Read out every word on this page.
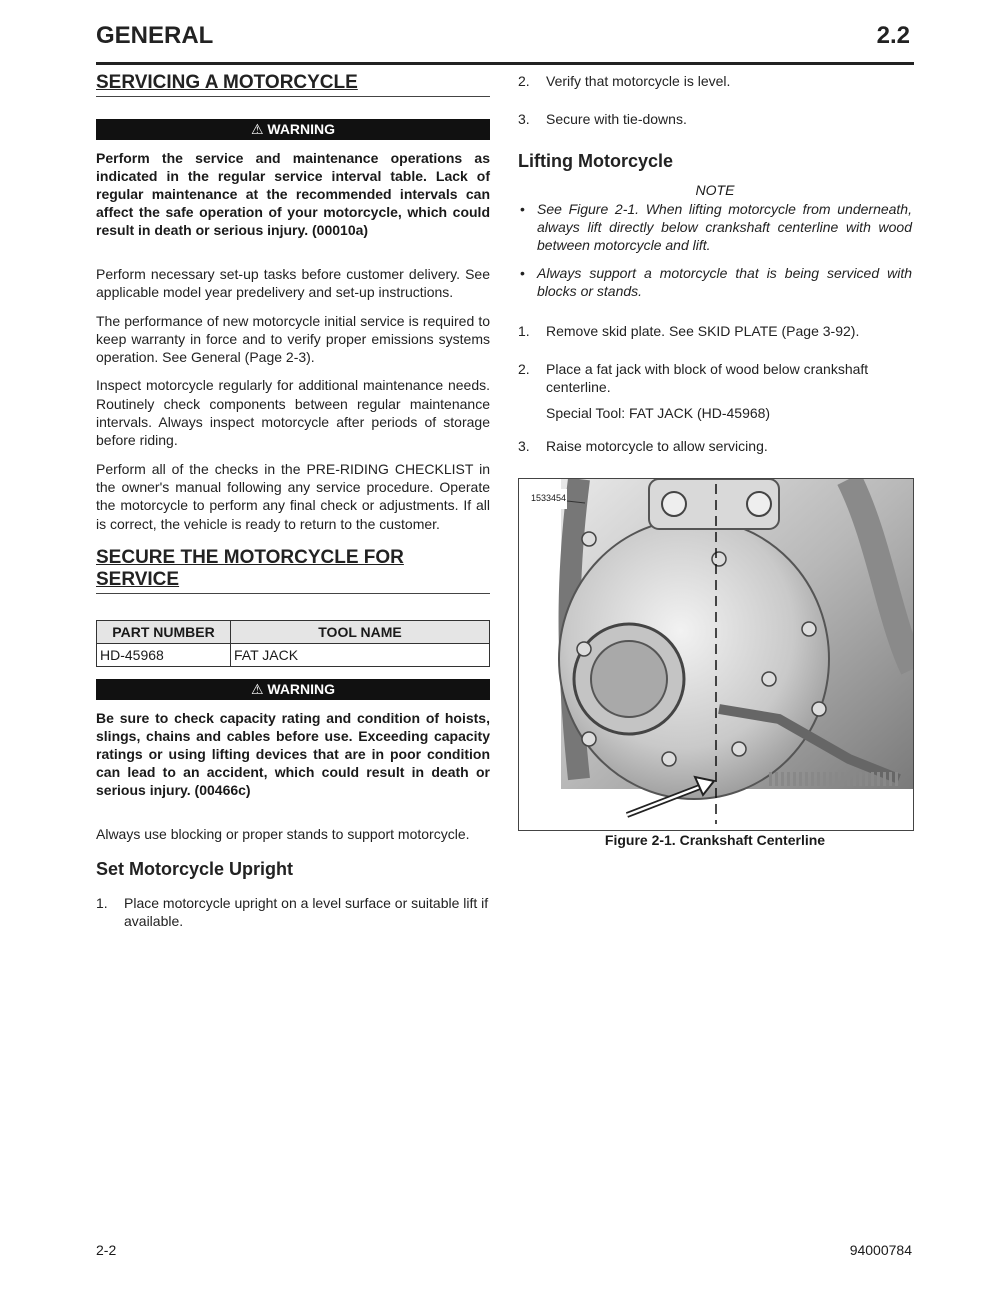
GENERAL	2.2
SERVICING A MOTORCYCLE
⚠ WARNING
Perform the service and maintenance operations as indicated in the regular service interval table. Lack of regular maintenance at the recommended intervals can affect the safe operation of your motorcycle, which could result in death or serious injury. (00010a)

Perform necessary set-up tasks before customer delivery. See applicable model year predelivery and set-up instructions.

The performance of new motorcycle initial service is required to keep warranty in force and to verify proper emissions systems operation. See General (Page 2-3).

Inspect motorcycle regularly for additional maintenance needs. Routinely check components between regular maintenance intervals. Always inspect motorcycle after periods of storage before riding.

Perform all of the checks in the PRE-RIDING CHECKLIST in the owner's manual following any service procedure. Operate the motorcycle to perform any final check or adjustments. If all is correct, the vehicle is ready to return to the customer.

SECURE THE MOTORCYCLE FOR SERVICE
PART NUMBER	TOOL NAME
HD-45968	FAT JACK
⚠ WARNING
Be sure to check capacity rating and condition of hoists, slings, chains and cables before use. Exceeding capacity ratings or using lifting devices that are in poor condition can lead to an accident, which could result in death or serious injury. (00466c)

Always use blocking or proper stands to support motorcycle.

Set Motorcycle Upright
1. Place motorcycle upright on a level surface or suitable lift if available.
2. Verify that motorcycle is level.
3. Secure with tie-downs.
Lifting Motorcycle
NOTE
• See Figure 2-1. When lifting motorcycle from underneath, always lift directly below crankshaft centerline with wood between motorcycle and lift.
• Always support a motorcycle that is being serviced with blocks or stands.
1. Remove skid plate. See SKID PLATE (Page 3-92).
2. Place a fat jack with block of wood below crankshaft centerline.
Special Tool: FAT JACK (HD-45968)
3. Raise motorcycle to allow servicing.
1533454
Figure 2-1. Crankshaft Centerline
2-2	94000784
